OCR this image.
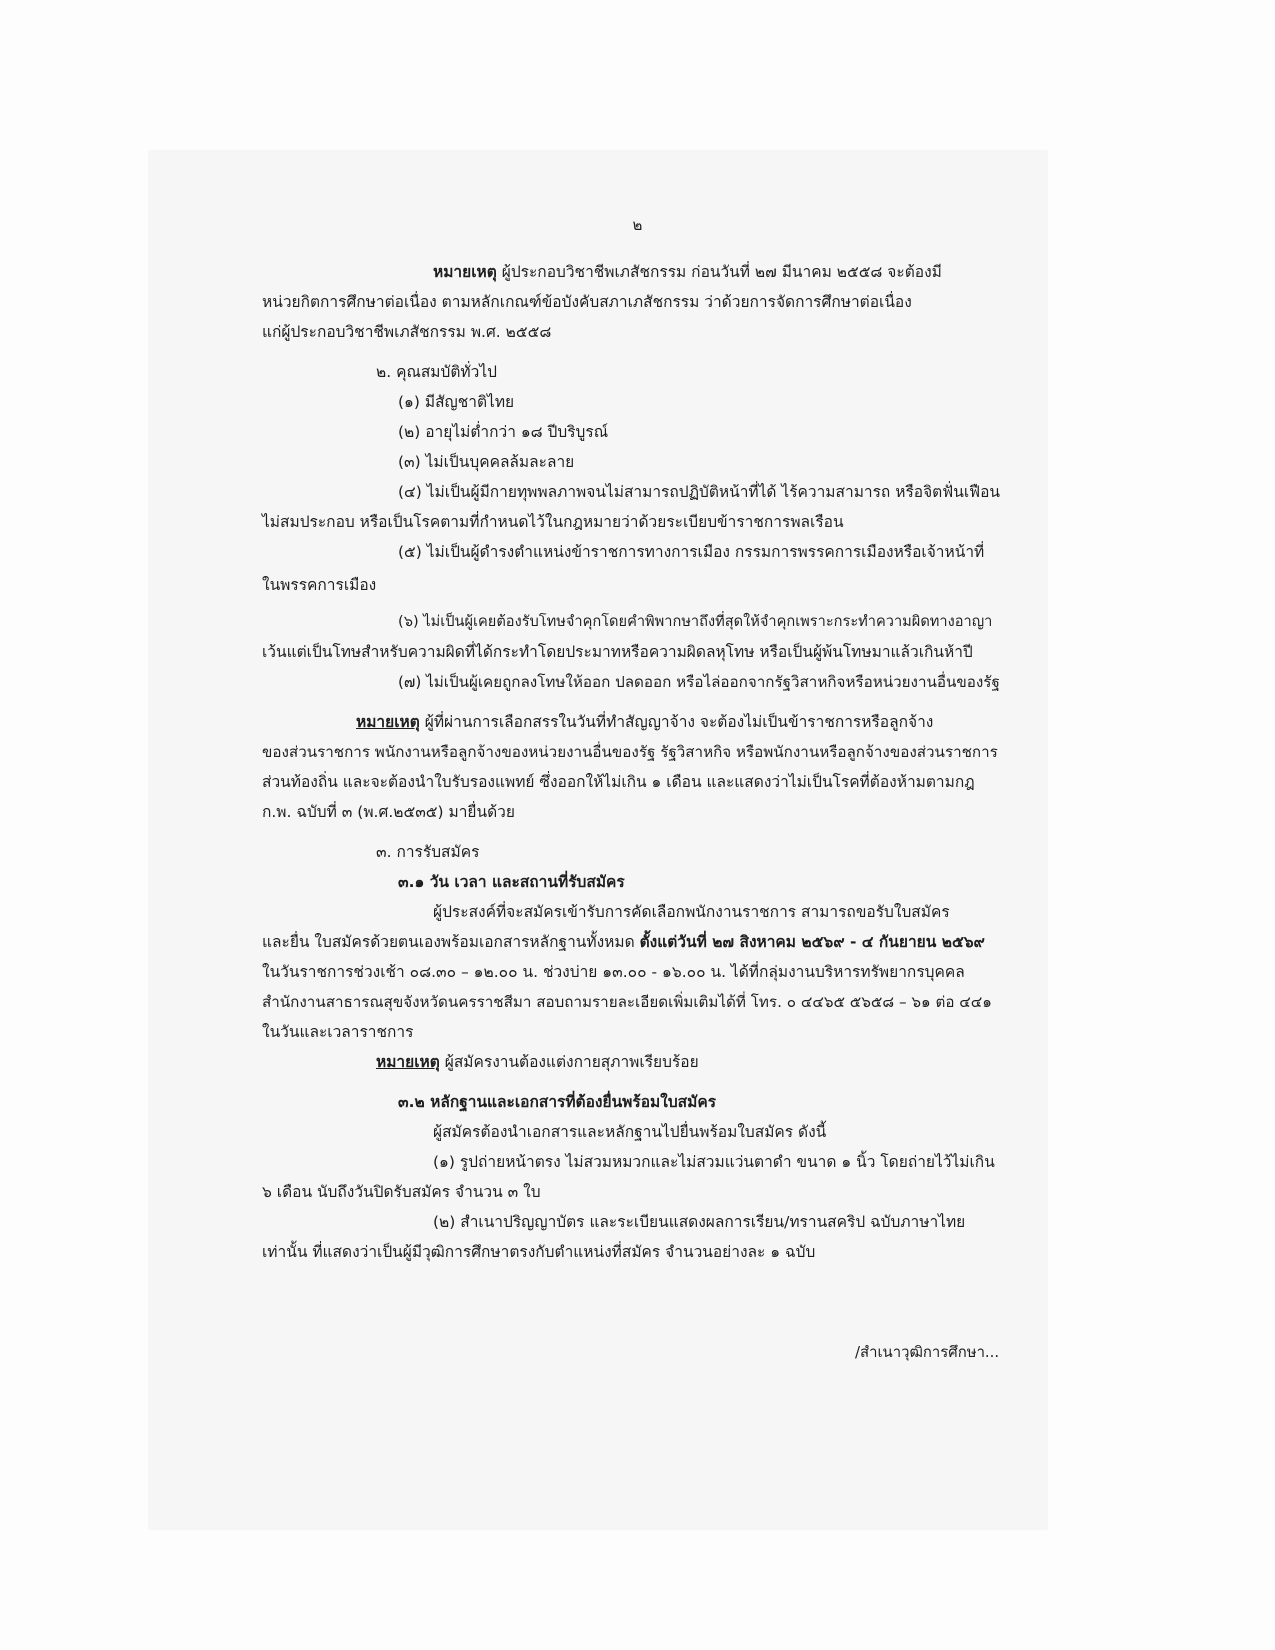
๒
หมายเหตุ ผู้ประกอบวิชาชีพเภสัชกรรม ก่อนวันที่ ๒๗ มีนาคม ๒๕๕๘ จะต้องมี
หน่วยกิตการศึกษาต่อเนื่อง ตามหลักเกณฑ์ข้อบังคับสภาเภสัชกรรม ว่าด้วยการจัดการศึกษาต่อเนื่อง
แก่ผู้ประกอบวิชาชีพเภสัชกรรม พ.ศ. ๒๕๕๘
๒. คุณสมบัติทั่วไป
(๑) มีสัญชาติไทย
(๒) อายุไม่ต่ำกว่า ๑๘ ปีบริบูรณ์
(๓) ไม่เป็นบุคคลล้มละลาย
(๔) ไม่เป็นผู้มีกายทุพพลภาพจนไม่สามารถปฏิบัติหน้าที่ได้ ไร้ความสามารถ หรือจิตฟั่นเฟือน
ไม่สมประกอบ หรือเป็นโรคตามที่กำหนดไว้ในกฎหมายว่าด้วยระเบียบข้าราชการพลเรือน
(๕) ไม่เป็นผู้ดำรงตำแหน่งข้าราชการทางการเมือง กรรมการพรรคการเมืองหรือเจ้าหน้าที่
ในพรรคการเมือง
(๖) ไม่เป็นผู้เคยต้องรับโทษจำคุกโดยคำพิพากษาถึงที่สุดให้จำคุกเพราะกระทำความผิดทางอาญา
เว้นแต่เป็นโทษสำหรับความผิดที่ได้กระทำโดยประมาทหรือความผิดลหุโทษ หรือเป็นผู้พ้นโทษมาแล้วเกินห้าปี
(๗) ไม่เป็นผู้เคยถูกลงโทษให้ออก ปลดออก หรือไล่ออกจากรัฐวิสาหกิจหรือหน่วยงานอื่นของรัฐ
หมายเหตุ ผู้ที่ผ่านการเลือกสรรในวันที่ทำสัญญาจ้าง จะต้องไม่เป็นข้าราชการหรือลูกจ้าง
ของส่วนราชการ พนักงานหรือลูกจ้างของหน่วยงานอื่นของรัฐ รัฐวิสาหกิจ หรือพนักงานหรือลูกจ้างของส่วนราชการ
ส่วนท้องถิ่น และจะต้องนำใบรับรองแพทย์ ซึ่งออกให้ไม่เกิน ๑ เดือน และแสดงว่าไม่เป็นโรคที่ต้องห้ามตามกฎ
ก.พ. ฉบับที่ ๓ (พ.ศ.๒๕๓๕) มายื่นด้วย
๓. การรับสมัคร
๓.๑ วัน เวลา และสถานที่รับสมัคร
ผู้ประสงค์ที่จะสมัครเข้ารับการคัดเลือกพนักงานราชการ สามารถขอรับใบสมัคร
และยื่น ใบสมัครด้วยตนเองพร้อมเอกสารหลักฐานทั้งหมด ตั้งแต่วันที่ ๒๗ สิงหาคม ๒๕๖๙ - ๔ กันยายน ๒๕๖๙
ในวันราชการช่วงเช้า ๐๘.๓๐ – ๑๒.๐๐ น. ช่วงบ่าย ๑๓.๐๐ - ๑๖.๐๐ น. ได้ที่กลุ่มงานบริหารทรัพยากรบุคคล
สำนักงานสาธารณสุขจังหวัดนครราชสีมา สอบถามรายละเอียดเพิ่มเติมได้ที่ โทร. ๐ ๔๔๖๕ ๕๖๕๘ – ๖๑ ต่อ ๔๔๑
ในวันและเวลาราชการ
หมายเหตุ ผู้สมัครงานต้องแต่งกายสุภาพเรียบร้อย
๓.๒ หลักฐานและเอกสารที่ต้องยื่นพร้อมใบสมัคร
ผู้สมัครต้องนำเอกสารและหลักฐานไปยื่นพร้อมใบสมัคร ดังนี้
(๑) รูปถ่ายหน้าตรง ไม่สวมหมวกและไม่สวมแว่นตาดำ ขนาด ๑ นิ้ว โดยถ่ายไว้ไม่เกิน
๖ เดือน นับถึงวันปิดรับสมัคร จำนวน ๓ ใบ
(๒) สำเนาปริญญาบัตร และระเบียนแสดงผลการเรียน/ทรานสคริป ฉบับภาษาไทย
เท่านั้น ที่แสดงว่าเป็นผู้มีวุฒิการศึกษาตรงกับตำแหน่งที่สมัคร จำนวนอย่างละ ๑ ฉบับ
/สำเนาวุฒิการศึกษา...
